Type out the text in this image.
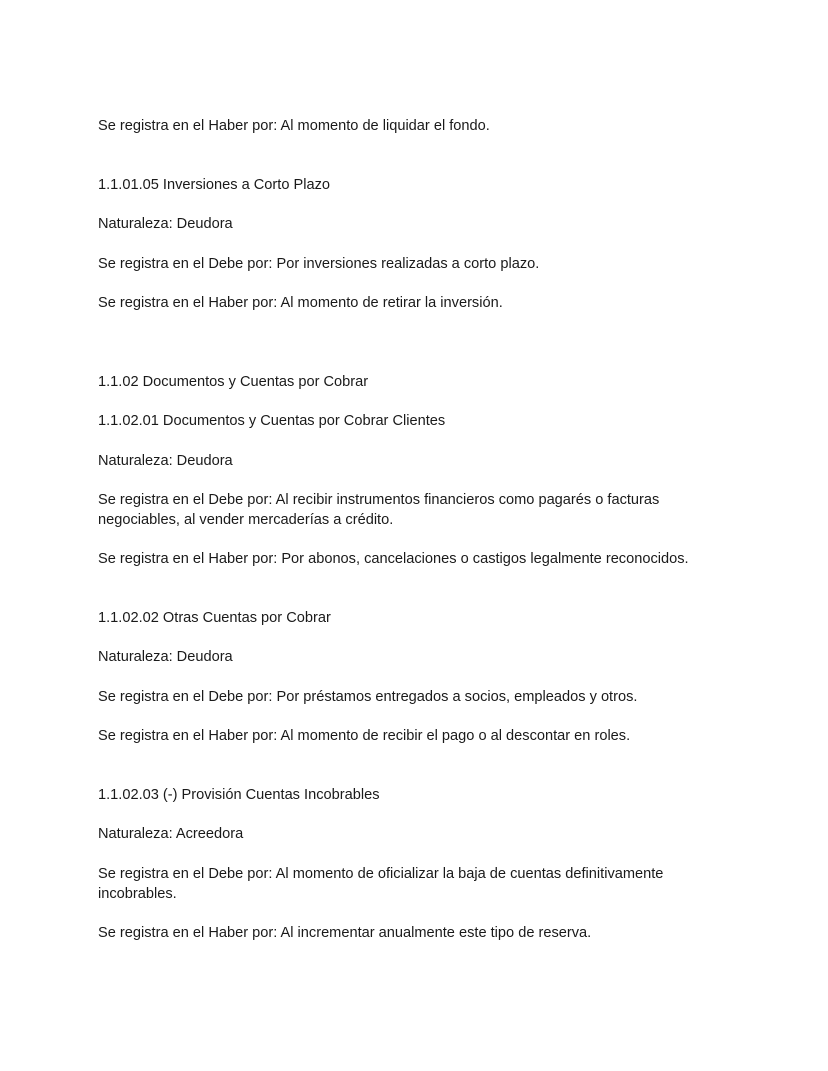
Se registra en el Haber por: Al momento de liquidar el fondo.
1.1.01.05 Inversiones a Corto Plazo
Naturaleza: Deudora
Se registra en el Debe por: Por inversiones realizadas a corto plazo.
Se registra en el Haber por: Al momento de retirar la inversión.
1.1.02 Documentos y Cuentas por Cobrar
1.1.02.01 Documentos y Cuentas por Cobrar Clientes
Naturaleza: Deudora
Se registra en el Debe por: Al recibir instrumentos financieros como pagarés o facturas negociables, al vender mercaderías a crédito.
Se registra en el Haber por: Por abonos, cancelaciones o castigos legalmente reconocidos.
1.1.02.02 Otras Cuentas por Cobrar
Naturaleza: Deudora
Se registra en el Debe por: Por préstamos entregados a socios, empleados y otros.
Se registra en el Haber por: Al momento de recibir el pago o al descontar en roles.
1.1.02.03 (-) Provisión Cuentas Incobrables
Naturaleza: Acreedora
Se registra en el Debe por: Al momento de oficializar la baja de cuentas definitivamente incobrables.
Se registra en el Haber por: Al incrementar anualmente este tipo de reserva.
